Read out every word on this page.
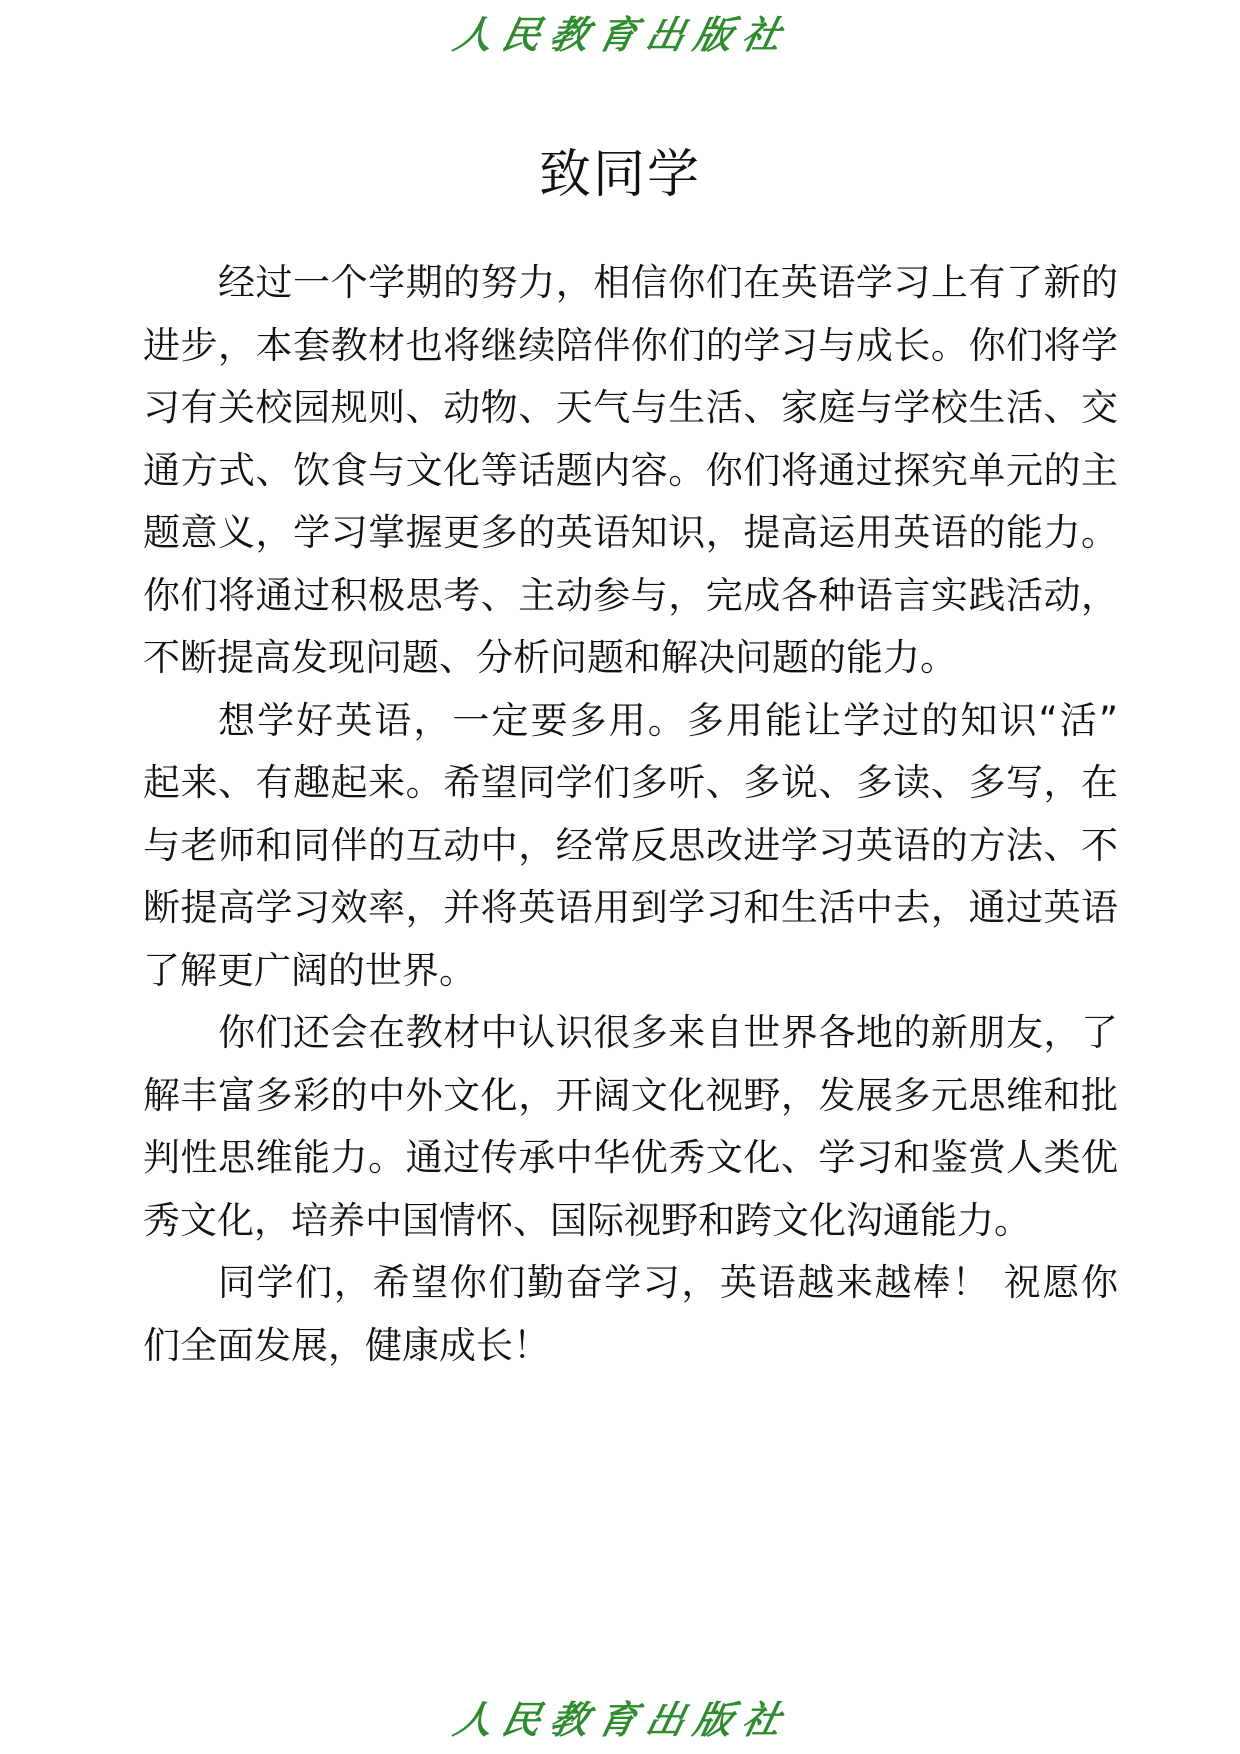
人民教育出版社
致同学
经过一个学期的努力，相信你们在英语学习上有了新的
进步，本套教材也将继续陪伴你们的学习与成长。你们将学
习有关校园规则、动物、天气与生活、家庭与学校生活、交
通方式、饮食与文化等话题内容。你们将通过探究单元的主
题意义，学习掌握更多的英语知识，提高运用英语的能力。
你们将通过积极思考、主动参与，完成各种语言实践活动，
不断提高发现问题、分析问题和解决问题的能力。
想学好英语，一定要多用。多用能让学过的知识“活”
起来、有趣起来。希望同学们多听、多说、多读、多写，在
与老师和同伴的互动中，经常反思改进学习英语的方法、不
断提高学习效率，并将英语用到学习和生活中去，通过英语
了解更广阔的世界。
你们还会在教材中认识很多来自世界各地的新朋友，了
解丰富多彩的中外文化，开阔文化视野，发展多元思维和批
判性思维能力。通过传承中华优秀文化、学习和鉴赏人类优
秀文化，培养中国情怀、国际视野和跨文化沟通能力。
同学们，希望你们勤奋学习，英语越来越棒！ 祝愿你
们全面发展，健康成长！
人民教育出版社
